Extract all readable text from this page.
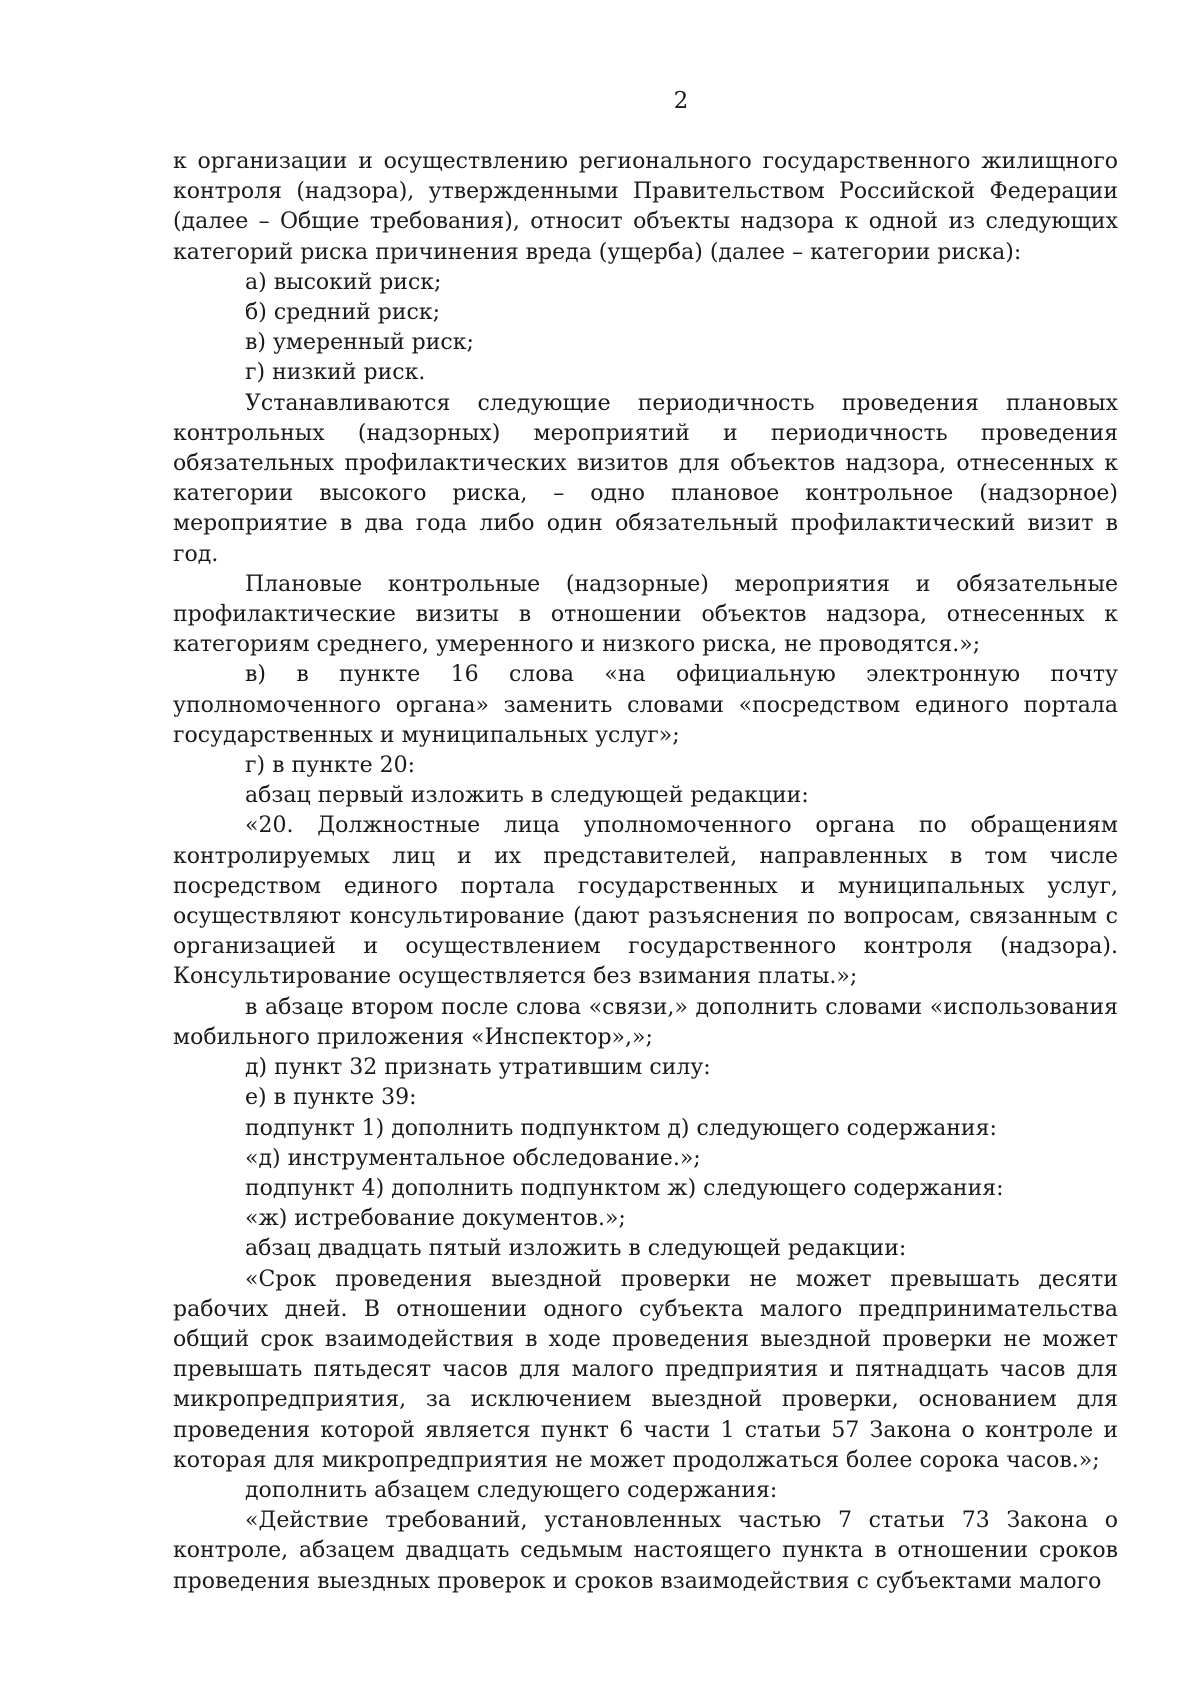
2

к организации и осуществлению регионального государственного жилищного контроля (надзора), утвержденными Правительством Российской Федерации (далее – Общие требования), относит объекты надзора к одной из следующих категорий риска причинения вреда (ущерба) (далее – категории риска):

а) высокий риск;

б) средний риск;

в) умеренный риск;

г) низкий риск.

Устанавливаются следующие периодичность проведения плановых контрольных (надзорных) мероприятий и периодичность проведения обязательных профилактических визитов для объектов надзора, отнесенных к категории высокого риска, – одно плановое контрольное (надзорное) мероприятие в два года либо один обязательный профилактический визит в год.

Плановые контрольные (надзорные) мероприятия и обязательные профилактические визиты в отношении объектов надзора, отнесенных к категориям среднего, умеренного и низкого риска, не проводятся.»;

в) в пункте 16 слова «на официальную электронную почту уполномоченного органа» заменить словами «посредством единого портала государственных и муниципальных услуг»;

г) в пункте 20:

абзац первый изложить в следующей редакции:

«20. Должностные лица уполномоченного органа по обращениям контролируемых лиц и их представителей, направленных в том числе посредством единого портала государственных и муниципальных услуг, осуществляют консультирование (дают разъяснения по вопросам, связанным с организацией и осуществлением государственного контроля (надзора). Консультирование осуществляется без взимания платы.»;

в абзаце втором после слова «связи,» дополнить словами «использования мобильного приложения «Инспектор»,»;

д) пункт 32 признать утратившим силу:

е) в пункте 39:

подпункт 1) дополнить подпунктом д) следующего содержания:

«д) инструментальное обследование.»;

подпункт 4) дополнить подпунктом ж) следующего содержания:

«ж) истребование документов.»;

абзац двадцать пятый изложить в следующей редакции:

«Срок проведения выездной проверки не может превышать десяти рабочих дней. В отношении одного субъекта малого предпринимательства общий срок взаимодействия в ходе проведения выездной проверки не может превышать пятьдесят часов для малого предприятия и пятнадцать часов для микропредприятия, за исключением выездной проверки, основанием для проведения которой является пункт 6 части 1 статьи 57 Закона о контроле и которая для микропредприятия не может продолжаться более сорока часов.»;

дополнить абзацем следующего содержания:

«Действие требований, установленных частью 7 статьи 73 Закона о контроле, абзацем двадцать седьмым настоящего пункта в отношении сроков проведения выездных проверок и сроков взаимодействия с субъектами малого
